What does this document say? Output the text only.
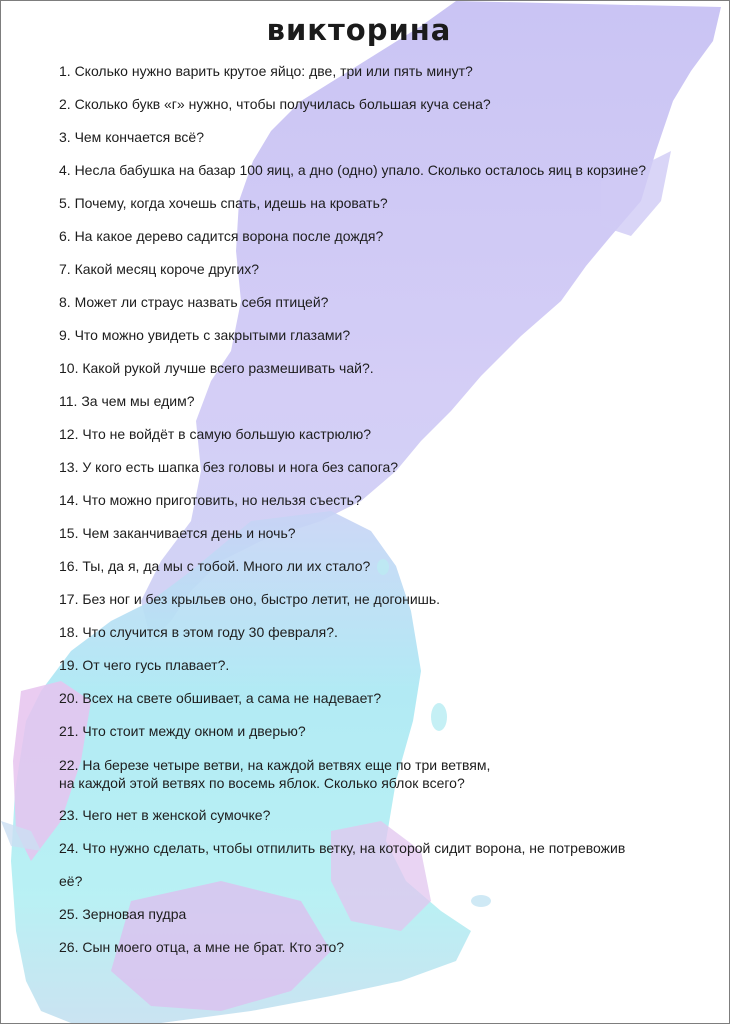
викторина
1. Сколько нужно варить крутое яйцо: две, три или пять минут?
2. Сколько букв «г» нужно, чтобы получилась большая куча сена?
3. Чем кончается всё?
4. Несла бабушка на базар 100 яиц, а дно (одно) упало. Сколько осталось яиц в корзине?
5. Почему, когда хочешь спать, идешь на кровать?
6. На какое дерево садится ворона после дождя?
7. Какой месяц короче других?
8. Может ли страус назвать себя птицей?
9. Что можно увидеть с закрытыми глазами?
10. Какой рукой лучше всего размешивать чай?.
11. За чем мы едим?
12. Что не войдёт в самую большую кастрюлю?
13. У кого есть шапка без головы и нога без сапога?
14. Что можно приготовить, но нельзя съесть?
15. Чем заканчивается день и ночь?
16. Ты, да я, да мы с тобой. Много ли их стало?
17. Без ног и без крыльев оно, быстро летит, не догонишь.
18. Что случится в этом году 30 февраля?.
19. От чего гусь плавает?.
20. Всех на свете обшивает, а сама не надевает?
21. Что стоит между окном и дверью?
22. На березе четыре ветви, на каждой ветвях еще по три ветвям,
на каждой этой ветвях по восемь яблок. Сколько яблок всего?
23. Чего нет в женской сумочке?
24. Что нужно сделать, чтобы отпилить ветку, на которой сидит ворона, не потревожив
её?
25. Зерновая пудра
26. Сын моего отца, а мне не брат. Кто это?
